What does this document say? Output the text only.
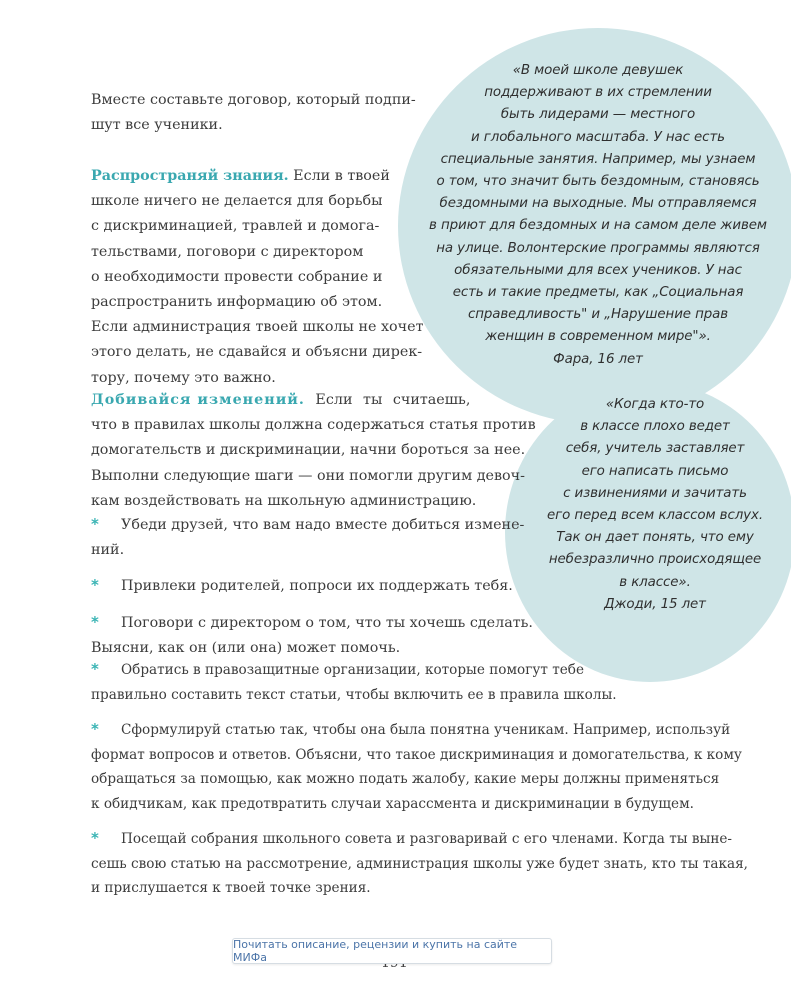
«В моей школе девушек
поддерживают в их стремлении
быть лидерами — местного
и глобального масштаба. У нас есть
специальные занятия. Например, мы узнаем
о том, что значит быть бездомным, становясь
бездомными на выходные. Мы отправляемся
в приют для бездомных и на самом деле живем
на улице. Волонтерские программы являются
обязательными для всех учеников. У нас
есть и такие предметы, как „Социальная
справедливость" и „Нарушение прав
женщин в современном мире"».
Фара, 16 лет
«Когда кто-то
в классе плохо ведет
себя, учитель заставляет
его написать письмо
с извинениями и зачитать
его перед всем классом вслух.
Так он дает понять, что ему
небезразлично происходящее
в классе».
Джоди, 15 лет
Вместе составьте договор, который подпи-
шут все ученики.
Распространяй знания. Если в твоей
школе ничего не делается для борьбы
с дискриминацией, травлей и домога-
тельствами, поговори с директором
о необходимости провести собрание и
распространить информацию об этом.
Если администрация твоей школы не хочет
этого делать, не сдавайся и объясни дирек-
тору, почему это важно.
Добивайся изменений. Если ты считаешь,
что в правилах школы должна содержаться статья против
домогательств и дискриминации, начни бороться за нее.
Выполни следующие шаги — они помогли другим девоч-
кам воздействовать на школьную администрацию.
* Убеди друзей, что вам надо вместе добиться измене-
ний.
* Привлеки родителей, попроси их поддержать тебя.
* Поговори с директором о том, что ты хочешь сделать.
Выясни, как он (или она) может помочь.
* Обратись в правозащитные организации, которые помогут тебе
правильно составить текст статьи, чтобы включить ее в правила школы.
* Сформулируй статью так, чтобы она была понятна ученикам. Например, используй
формат вопросов и ответов. Объясни, что такое дискриминация и домогательства, к кому
обращаться за помощью, как можно подать жалобу, какие меры должны применяться
к обидчикам, как предотвратить случаи харассмента и дискриминации в будущем.
* Посещай собрания школьного совета и разговаривай с его членами. Когда ты выне-
сешь свою статью на рассмотрение, администрация школы уже будет знать, кто ты такая,
и прислушается к твоей точке зрения.
Почитать описание, рецензии и купить на сайте МИФа
